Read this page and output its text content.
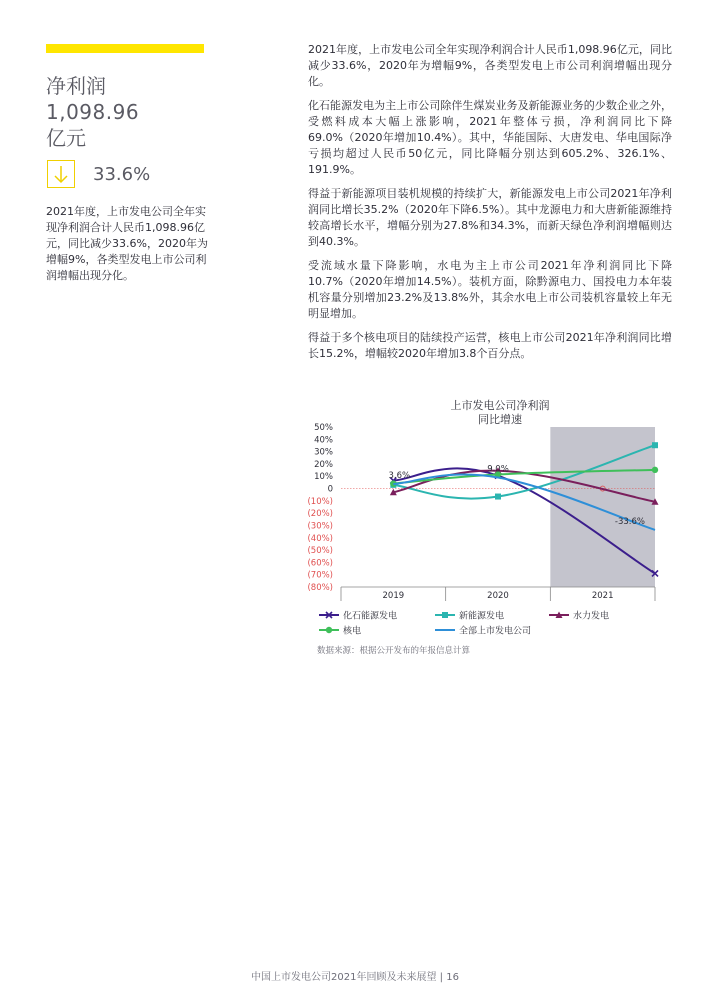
净利润
1,098.96
亿元
33.6%

2021年度，上市发电公司全年实现净利润合计人民币1,098.96亿元，同比减少33.6%，2020年为增幅9%，各类型发电上市公司利润增幅出现分化。

2021年度，上市发电公司全年实现净利润合计人民币1,098.96亿元，同比减少33.6%，2020年为增幅9%，各类型发电上市公司利润增幅出现分化。

化石能源发电为主上市公司除伴生煤炭业务及新能源业务的少数企业之外，受燃料成本大幅上涨影响，2021年整体亏损，净利润同比下降69.0%（2020年增加10.4%）。其中，华能国际、大唐发电、华电国际净亏损均超过人民币50亿元，同比降幅分别达到605.2%、326.1%、191.9%。

得益于新能源项目装机规模的持续扩大，新能源发电上市公司2021年净利润同比增长35.2%（2020年下降6.5%）。其中龙源电力和大唐新能源维持较高增长水平，增幅分别为27.8%和34.3%，而新天绿色净利润增幅则达到40.3%。

受流域水量下降影响，水电为主上市公司2021年净利润同比下降10.7%（2020年增加14.5%）。装机方面，除黔源电力、国投电力本年装机容量分别增加23.2%及13.8%外，其余水电上市公司装机容量较上年无明显增加。

得益于多个核电项目的陆续投产运营，核电上市公司2021年净利润同比增长15.2%，增幅较2020年增加3.8个百分点。

上市发电公司净利润
同比增速
50%
40%
30%
20%
10%
0
(10%)
(20%)
(30%)
(40%)
(50%)
(60%)
(70%)
(80%)
2019	2020	2021
3.6%
9.0%
-33.6%
化石能源发电	新能源发电	水力发电
核电	全部上市发电公司
数据来源：根据公开发布的年报信息计算
中国上市发电公司2021年回顾及未来展望 | 16
